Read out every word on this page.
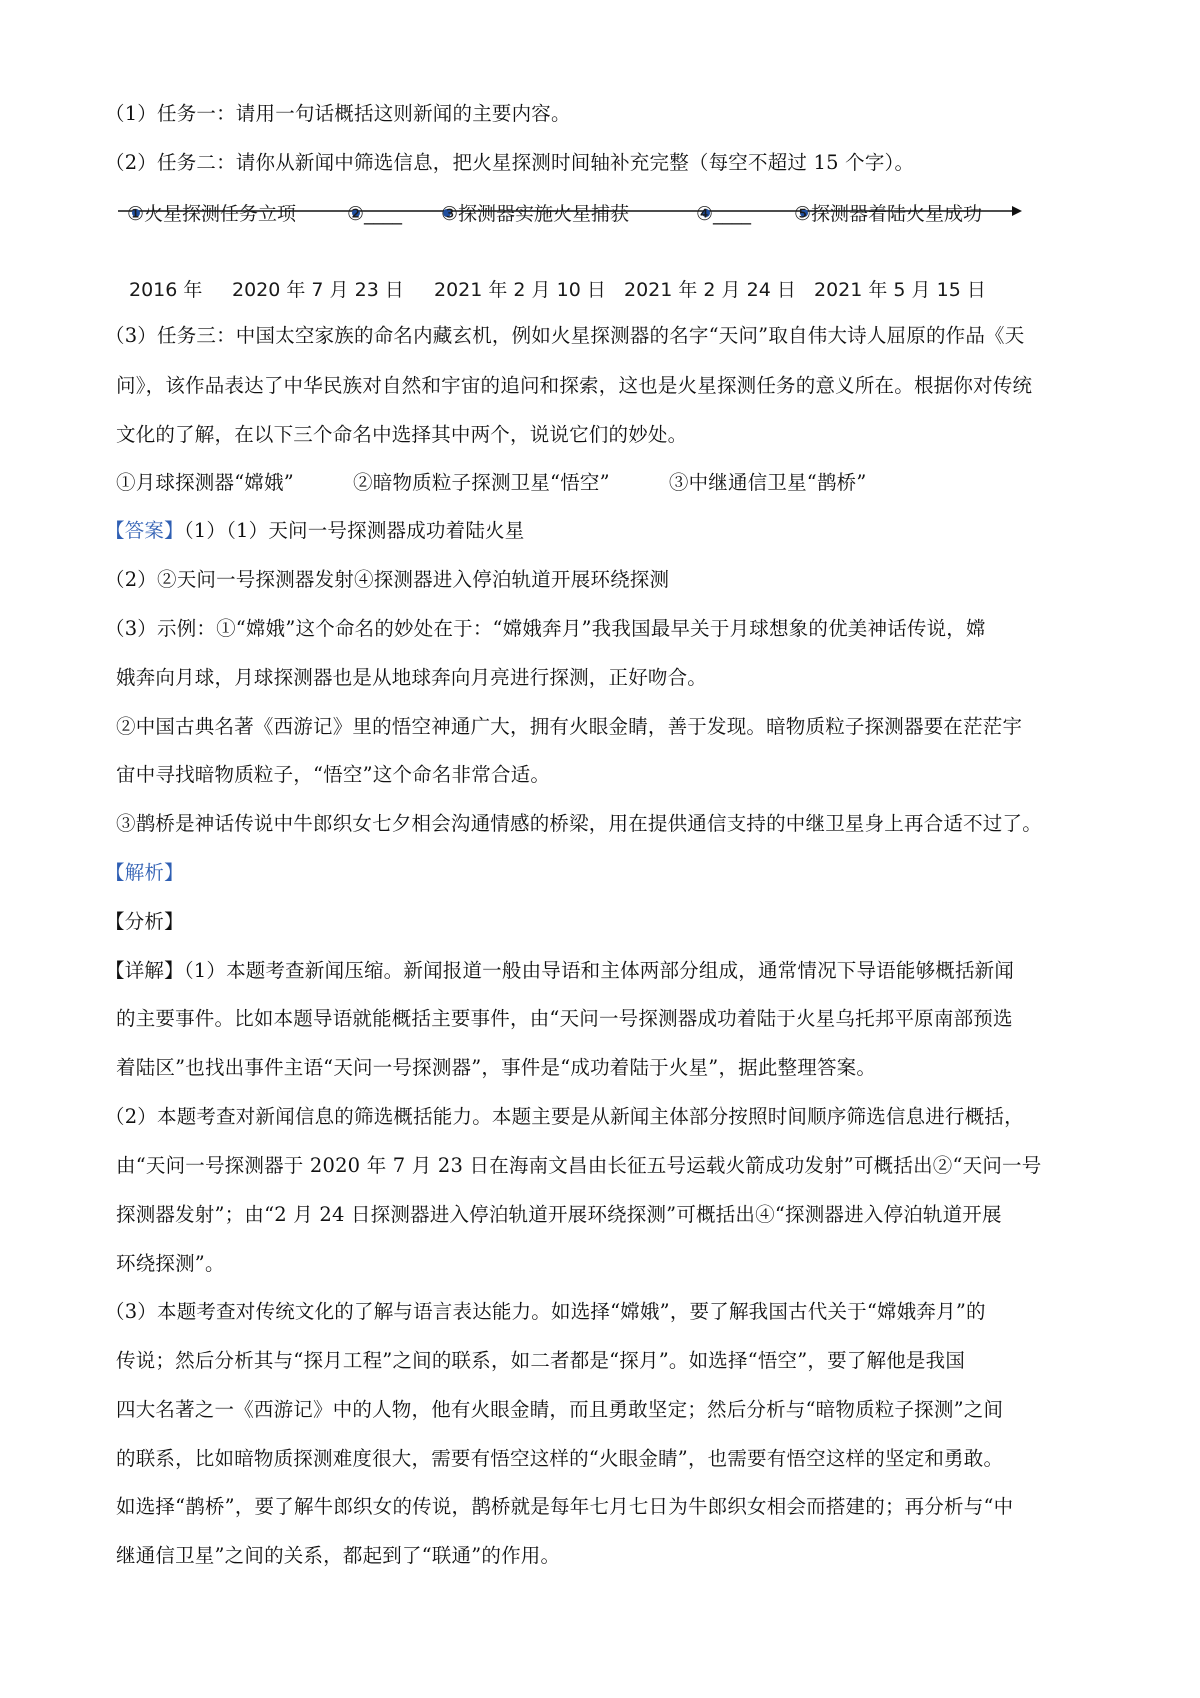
（1）任务一：请用一句话概括这则新闻的主要内容。
（2）任务二：请你从新闻中筛选信息，把火星探测时间轴补充完整（每空不超过 15 个字）。
①火星探测任务立项	②____ ③探测器实施火星捕获	④____ ⑤探测器着陆火星成功
2016 年 2020 年 7 月 23 日 2021 年 2 月 10 日 2021 年 2 月 24 日 2021 年 5 月 15 日
（3）任务三：中国太空家族的命名内藏玄机，例如火星探测器的名字“天问”取自伟大诗人屈原的作品《天
问》，该作品表达了中华民族对自然和宇宙的追问和探索，这也是火星探测任务的意义所在。根据你对传统
文化的了解，在以下三个命名中选择其中两个，说说它们的妙处。
①月球探测器“嫦娥”　　　②暗物质粒子探测卫星“悟空”　　　③中继通信卫星“鹊桥”
【答案】（1）（1）天问一号探测器成功着陆火星
（2）②天问一号探测器发射④探测器进入停泊轨道开展环绕探测
（3）示例：①“嫦娥”这个命名的妙处在于：“嫦娥奔月”我我国最早关于月球想象的优美神话传说，嫦
娥奔向月球，月球探测器也是从地球奔向月亮进行探测，正好吻合。
②中国古典名著《西游记》里的悟空神通广大，拥有火眼金睛，善于发现。暗物质粒子探测器要在茫茫宇
宙中寻找暗物质粒子，“悟空”这个命名非常合适。
③鹊桥是神话传说中牛郎织女七夕相会沟通情感的桥梁，用在提供通信支持的中继卫星身上再合适不过了。
【解析】
【分析】
【详解】（1）本题考查新闻压缩。新闻报道一般由导语和主体两部分组成，通常情况下导语能够概括新闻
的主要事件。比如本题导语就能概括主要事件，由“天问一号探测器成功着陆于火星乌托邦平原南部预选
着陆区”也找出事件主语“天问一号探测器”，事件是“成功着陆于火星”，据此整理答案。
（2）本题考查对新闻信息的筛选概括能力。本题主要是从新闻主体部分按照时间顺序筛选信息进行概括，
由“天问一号探测器于 2020 年 7 月 23 日在海南文昌由长征五号运载火箭成功发射”可概括出②“天问一号
探测器发射”；由“2 月 24 日探测器进入停泊轨道开展环绕探测”可概括出④“探测器进入停泊轨道开展
环绕探测”。
（3）本题考查对传统文化的了解与语言表达能力。如选择“嫦娥”，要了解我国古代关于“嫦娥奔月”的
传说；然后分析其与“探月工程”之间的联系，如二者都是“探月”。如选择“悟空”，要了解他是我国
四大名著之一《西游记》中的人物，他有火眼金睛，而且勇敢坚定；然后分析与“暗物质粒子探测”之间
的联系，比如暗物质探测难度很大，需要有悟空这样的“火眼金睛”，也需要有悟空这样的坚定和勇敢。
如选择“鹊桥”，要了解牛郎织女的传说，鹊桥就是每年七月七日为牛郎织女相会而搭建的；再分析与“中
继通信卫星”之间的关系，都起到了“联通”的作用。
